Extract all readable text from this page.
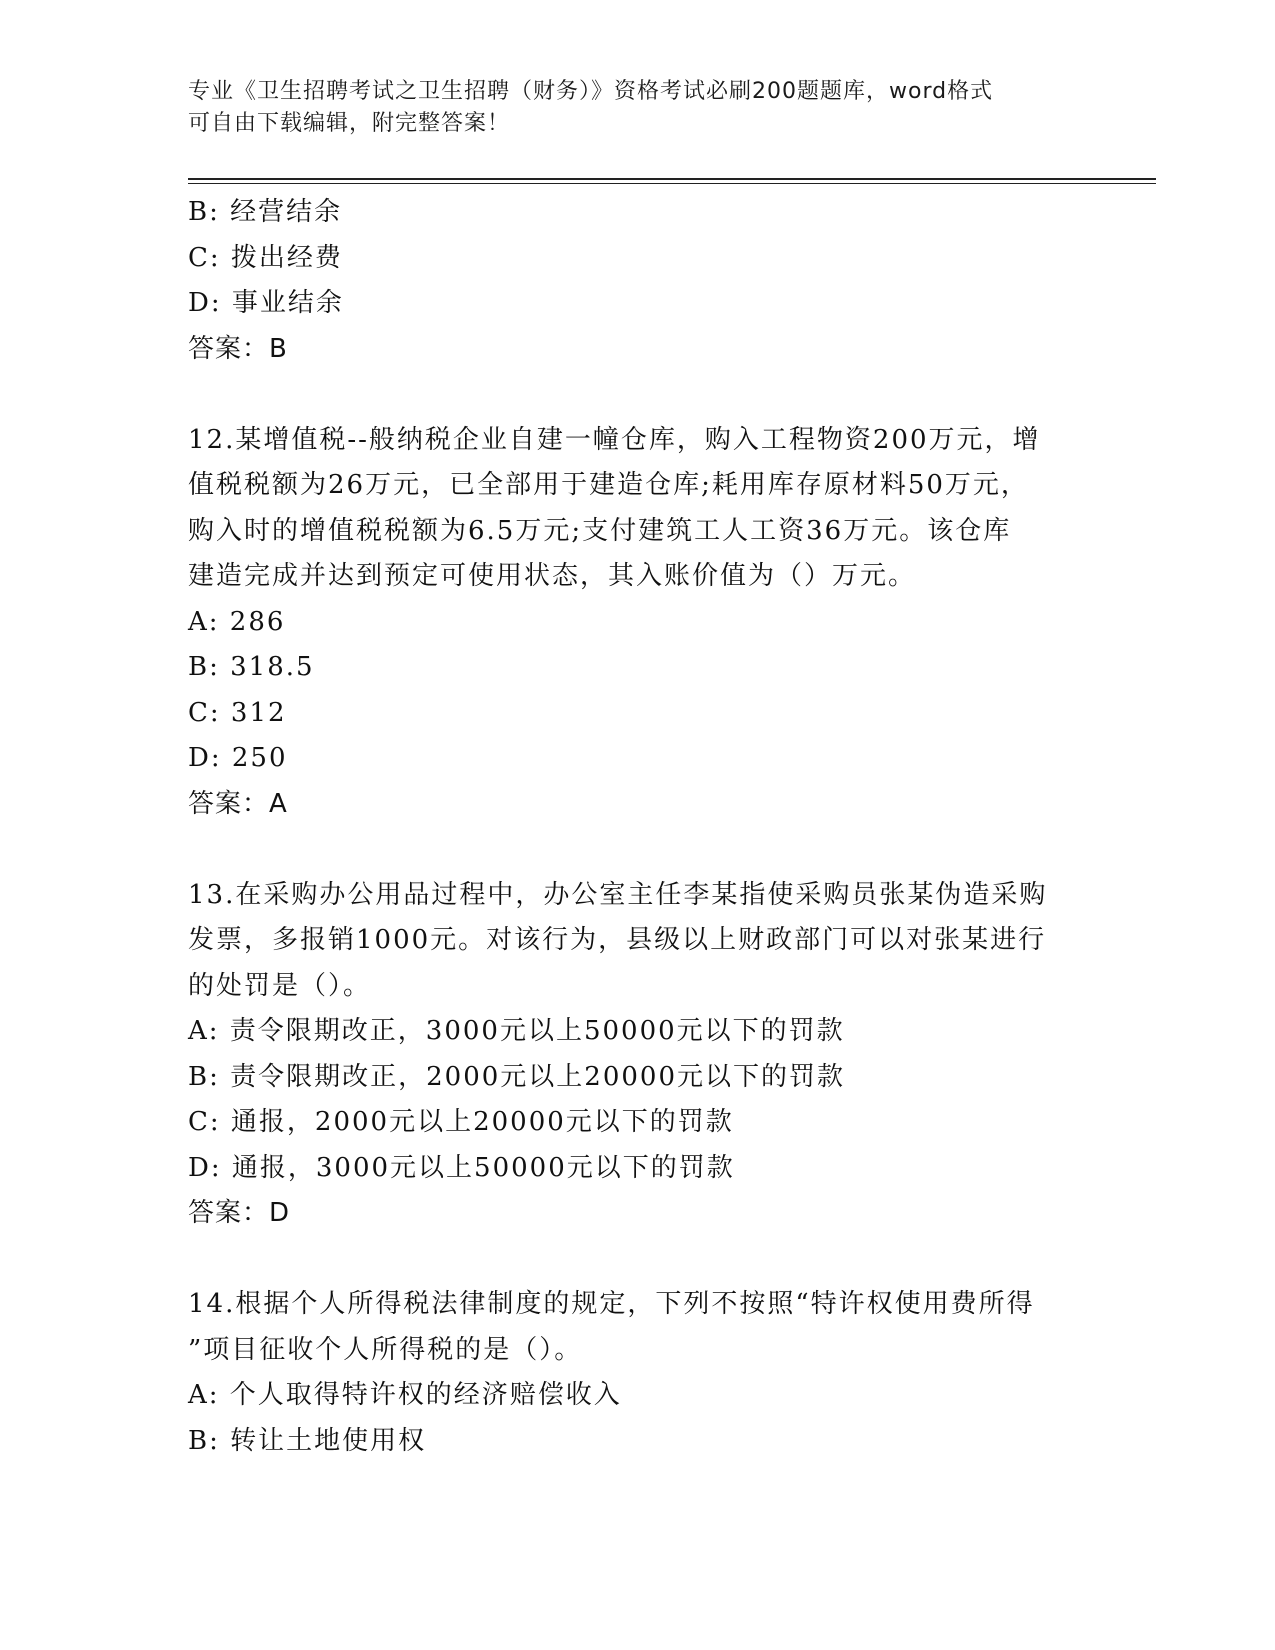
专业《卫生招聘考试之卫生招聘（财务）》资格考试必刷200题题库，word格式
可自由下载编辑，附完整答案！
B: 经营结余
C: 拨出经费
D: 事业结余
答案：B
12.某增值税--般纳税企业自建一幢仓库，购入工程物资200万元，增
值税税额为26万元，已全部用于建造仓库;耗用库存原材料50万元，
购入时的增值税税额为6.5万元;支付建筑工人工资36万元。该仓库
建造完成并达到预定可使用状态，其入账价值为（）万元。
A: 286
B: 318.5
C: 312
D: 250
答案：A
13.在采购办公用品过程中，办公室主任李某指使采购员张某伪造采购
发票，多报销1000元。对该行为，县级以上财政部门可以对张某进行
的处罚是（）。
A: 责令限期改正，3000元以上50000元以下的罚款
B: 责令限期改正，2000元以上20000元以下的罚款
C: 通报，2000元以上20000元以下的罚款
D: 通报，3000元以上50000元以下的罚款
答案：D
14.根据个人所得税法律制度的规定，下列不按照“特许权使用费所得
”项目征收个人所得税的是（）。
A: 个人取得特许权的经济赔偿收入
B: 转让土地使用权
